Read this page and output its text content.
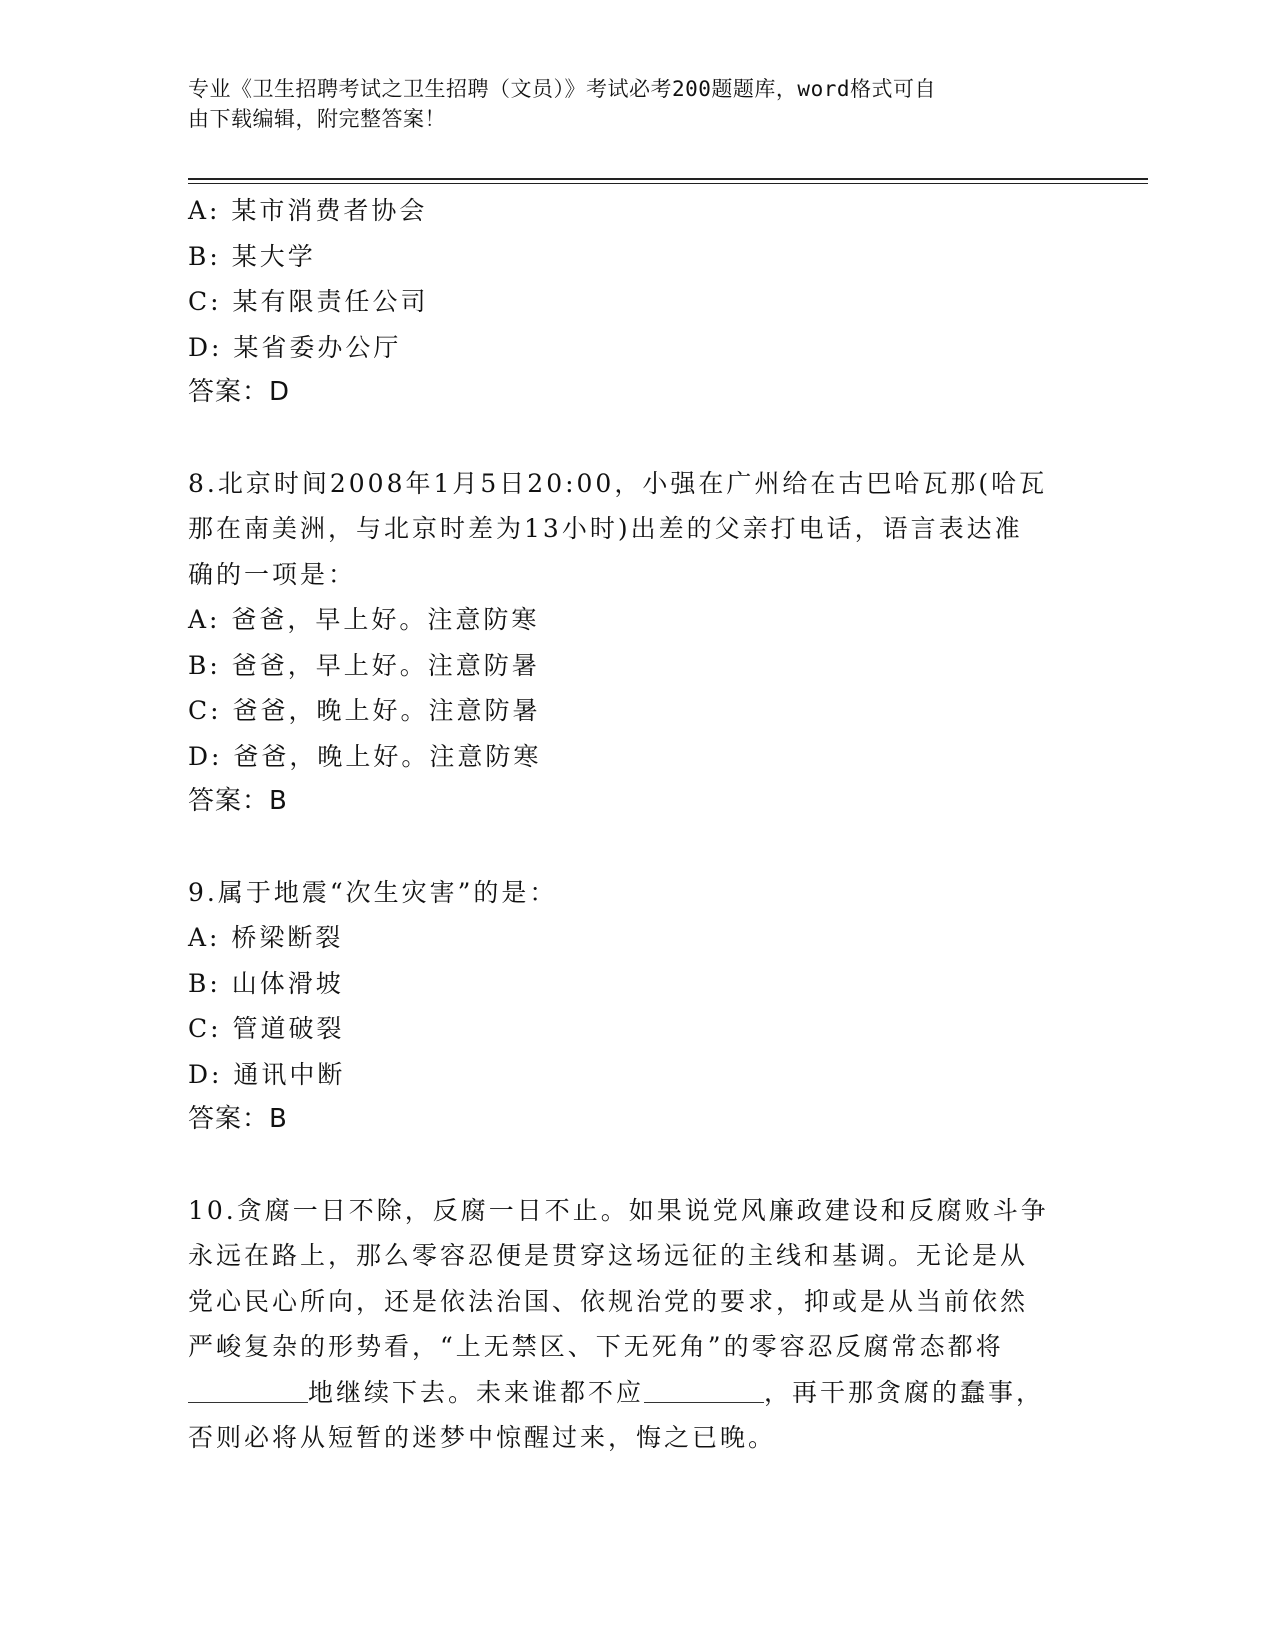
专业《卫生招聘考试之卫生招聘（文员）》考试必考200题题库，word格式可自
由下载编辑，附完整答案！
A: 某市消费者协会
B: 某大学
C: 某有限责任公司
D: 某省委办公厅
答案：D
8.北京时间2008年1月5日20:00，小强在广州给在古巴哈瓦那(哈瓦
那在南美洲，与北京时差为13小时)出差的父亲打电话，语言表达准
确的一项是：
A: 爸爸，早上好。注意防寒
B: 爸爸，早上好。注意防暑
C: 爸爸，晚上好。注意防暑
D: 爸爸，晚上好。注意防寒
答案：B
9.属于地震“次生灾害”的是：
A: 桥梁断裂
B: 山体滑坡
C: 管道破裂
D: 通讯中断
答案：B
10.贪腐一日不除，反腐一日不止。如果说党风廉政建设和反腐败斗争
永远在路上，那么零容忍便是贯穿这场远征的主线和基调。无论是从
党心民心所向，还是依法治国、依规治党的要求，抑或是从当前依然
严峻复杂的形势看，“上无禁区、下无死角”的零容忍反腐常态都将
地继续下去。未来谁都不应	，再干那贪腐的蠢事，
否则必将从短暂的迷梦中惊醒过来，悔之已晚。
